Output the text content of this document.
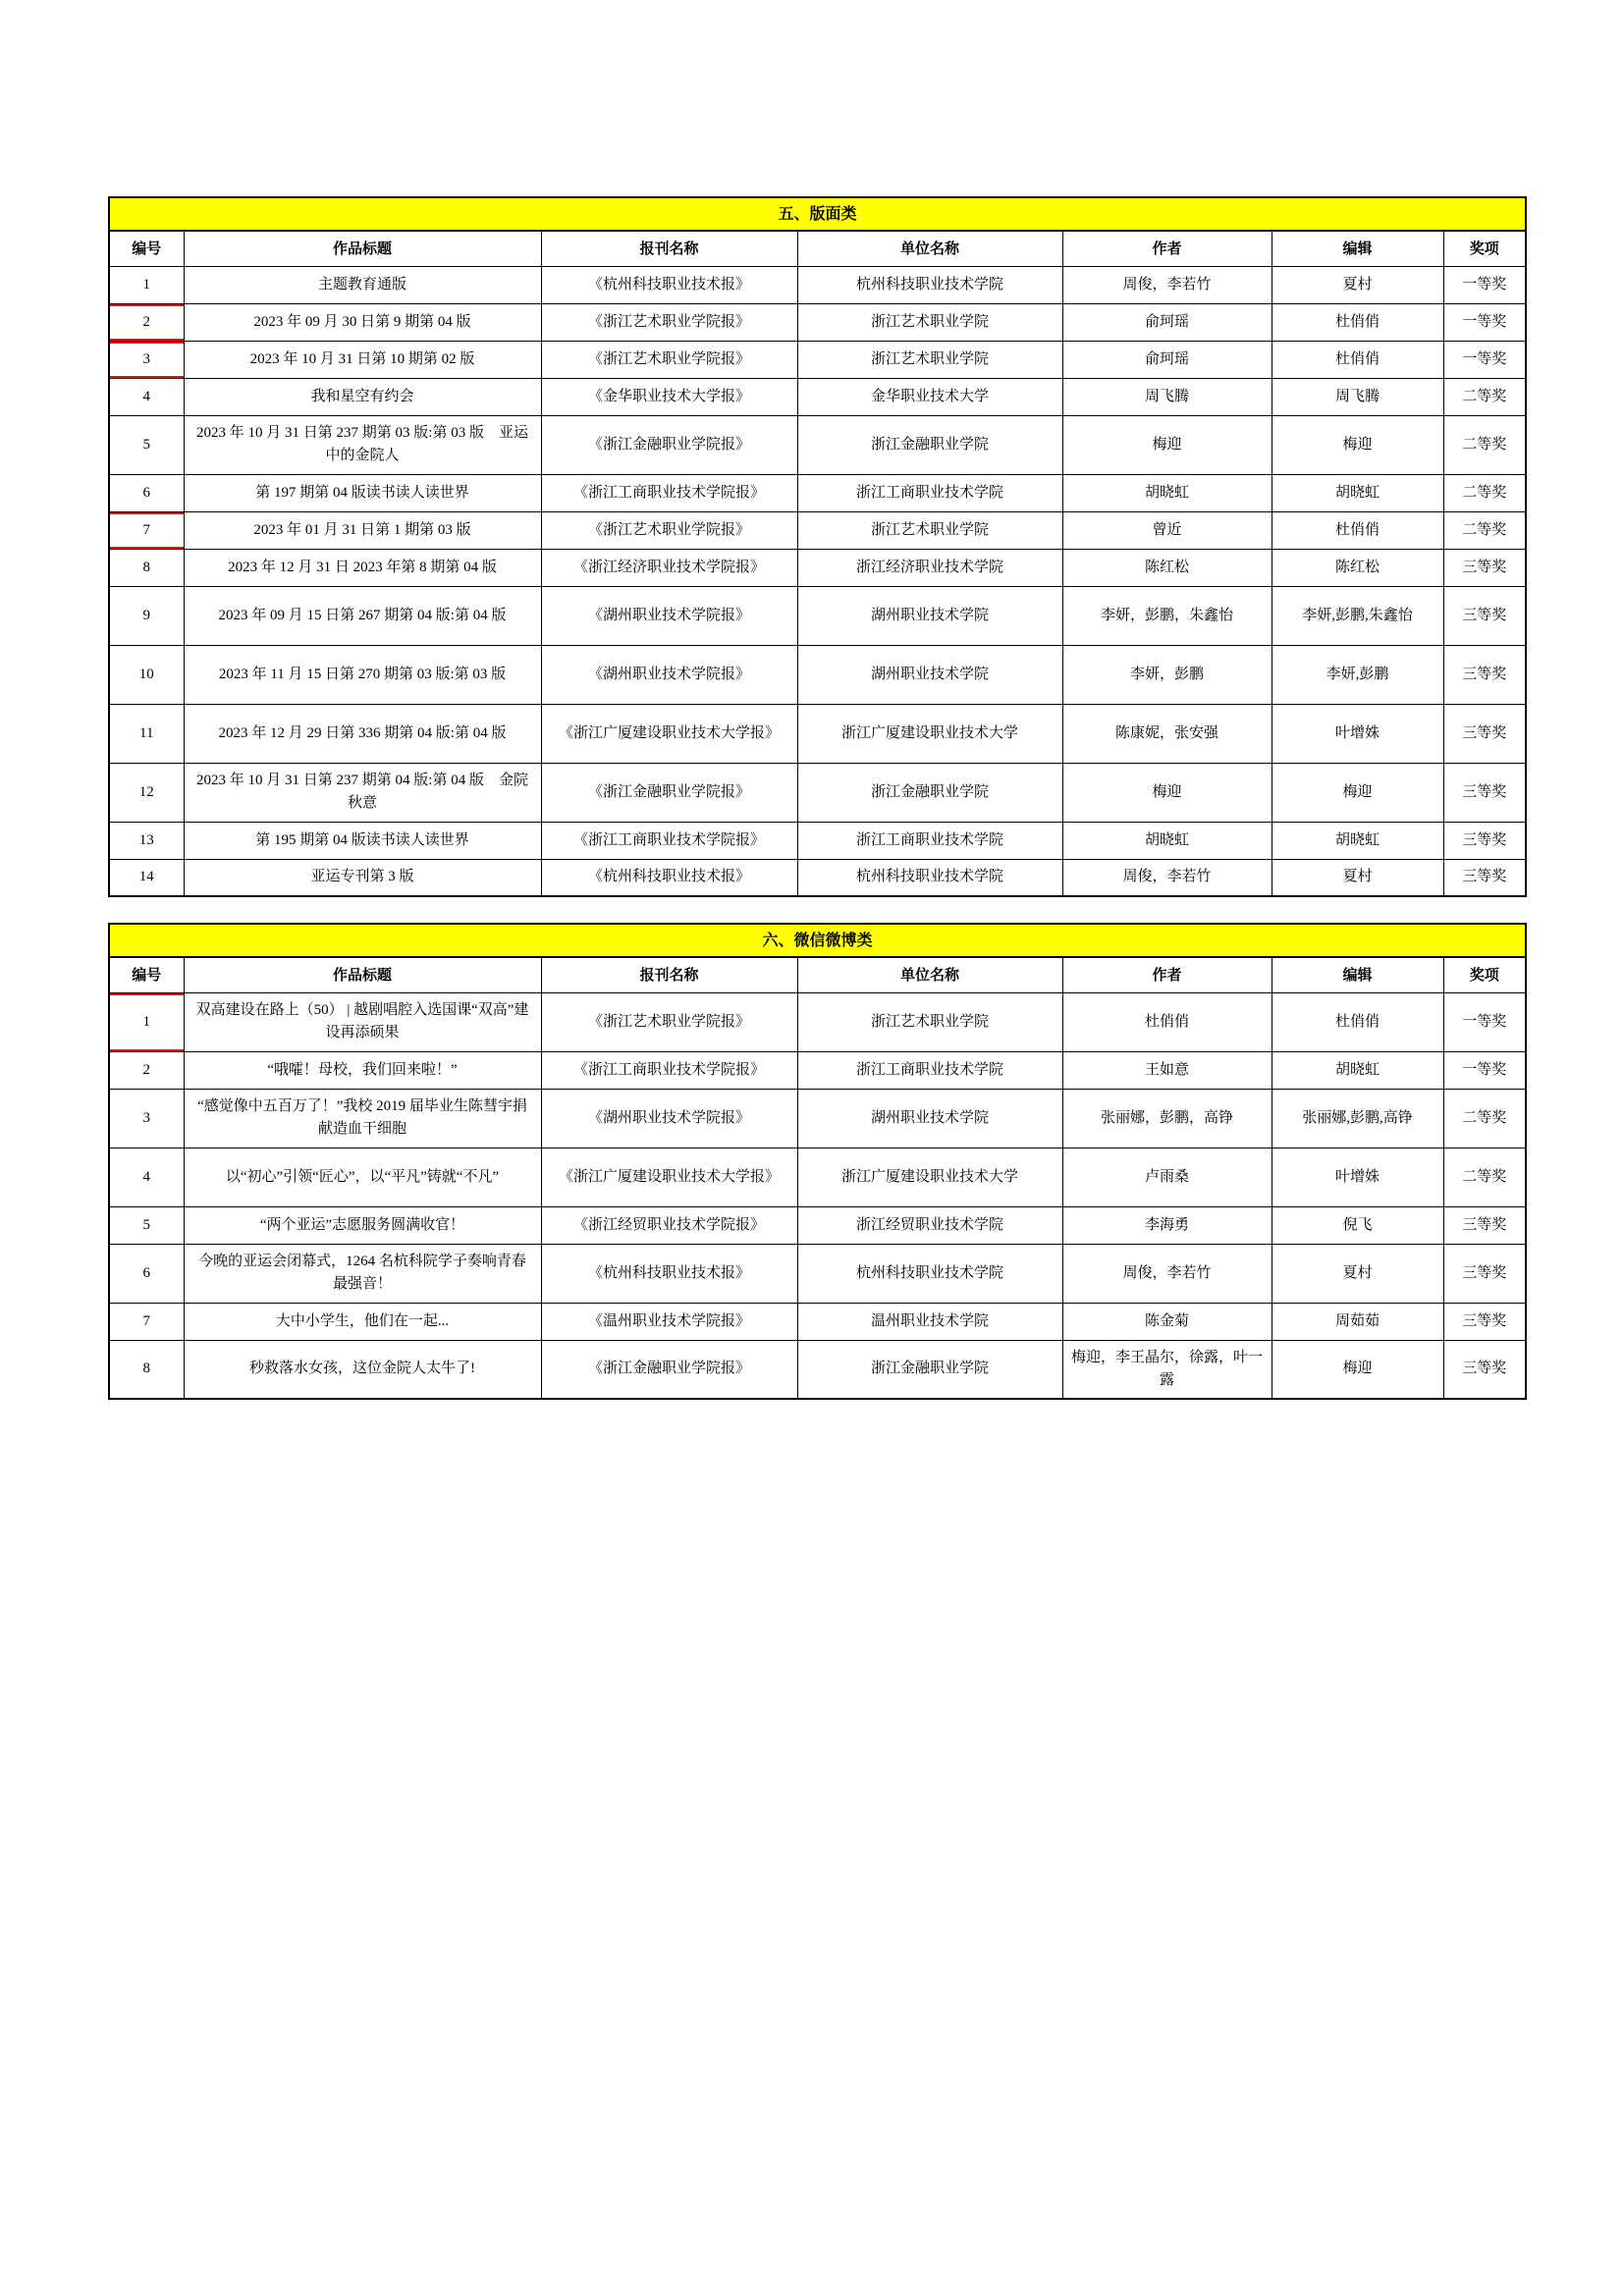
五、版面类						
编号	作品标题	报刊名称	单位名称	作者	编辑	奖项
1	主题教育通版	《杭州科技职业技术报》	杭州科技职业技术学院	周俊，李若竹	夏村	一等奖

2	2023 年 09 月 30 日第 9 期第 04 版	《浙江艺术职业学院报》	浙江艺术职业学院	俞珂瑶	杜俏俏	一等奖

3	2023 年 10 月 31 日第 10 期第 02 版	《浙江艺术职业学院报》	浙江艺术职业学院	俞珂瑶	杜俏俏	一等奖
4	我和星空有约会	《金华职业技术大学报》	金华职业技术大学	周飞腾	周飞腾	二等奖
5	2023 年 10 月 31 日第 237 期第 03 版:第 03 版　亚运中的金院人	《浙江金融职业学院报》	浙江金融职业学院	梅迎	梅迎	二等奖
6	第 197 期第 04 版读书读人读世界	《浙江工商职业技术学院报》	浙江工商职业技术学院	胡晓虹	胡晓虹	二等奖

7	2023 年 01 月 31 日第 1 期第 03 版	《浙江艺术职业学院报》	浙江艺术职业学院	曾近	杜俏俏	二等奖
8	2023 年 12 月 31 日 2023 年第 8 期第 04 版	《浙江经济职业技术学院报》	浙江经济职业技术学院	陈红松	陈红松	三等奖
9	2023 年 09 月 15 日第 267 期第 04 版:第 04 版	《湖州职业技术学院报》	湖州职业技术学院	李妍，彭鹏，朱鑫怡	李妍,彭鹏,朱鑫怡	三等奖
10	2023 年 11 月 15 日第 270 期第 03 版:第 03 版	《湖州职业技术学院报》	湖州职业技术学院	李妍，彭鹏	李妍,彭鹏	三等奖
11	2023 年 12 月 29 日第 336 期第 04 版:第 04 版	《浙江广厦建设职业技术大学报》	浙江广厦建设职业技术大学	陈康妮，张安强	叶增姝	三等奖
12	2023 年 10 月 31 日第 237 期第 04 版:第 04 版　金院秋意	《浙江金融职业学院报》	浙江金融职业学院	梅迎	梅迎	三等奖
13	第 195 期第 04 版读书读人读世界	《浙江工商职业技术学院报》	浙江工商职业技术学院	胡晓虹	胡晓虹	三等奖
14	亚运专刊第 3 版	《杭州科技职业技术报》	杭州科技职业技术学院	周俊，李若竹	夏村	三等奖
六、微信微博类						
编号	作品标题	报刊名称	单位名称	作者	编辑	奖项

1	双高建设在路上（50） | 越剧唱腔入选国课“双高”建设再添硕果	《浙江艺术职业学院报》	浙江艺术职业学院	杜俏俏	杜俏俏	一等奖
2	“哦嚯！母校，我们回来啦！”	《浙江工商职业技术学院报》	浙江工商职业技术学院	王如意	胡晓虹	一等奖
3	“感觉像中五百万了！”我校 2019 届毕业生陈彗宇捐献造血干细胞	《湖州职业技术学院报》	湖州职业技术学院	张丽娜，彭鹏，高铮	张丽娜,彭鹏,高铮	二等奖
4	以“初心”引领“匠心”，以“平凡”铸就“不凡”	《浙江广厦建设职业技术大学报》	浙江广厦建设职业技术大学	卢雨桑	叶增姝	二等奖
5	“两个亚运”志愿服务圆满收官！	《浙江经贸职业技术学院报》	浙江经贸职业技术学院	李海勇	倪飞	三等奖
6	今晚的亚运会闭幕式，1264 名杭科院学子奏响青春最强音！	《杭州科技职业技术报》	杭州科技职业技术学院	周俊，李若竹	夏村	三等奖
7	大中小学生，他们在一起...	《温州职业技术学院报》	温州职业技术学院	陈金菊	周茹茹	三等奖
8	秒救落水女孩，这位金院人太牛了!	《浙江金融职业学院报》	浙江金融职业学院	梅迎，李王晶尔，徐露，叶一露	梅迎	三等奖
